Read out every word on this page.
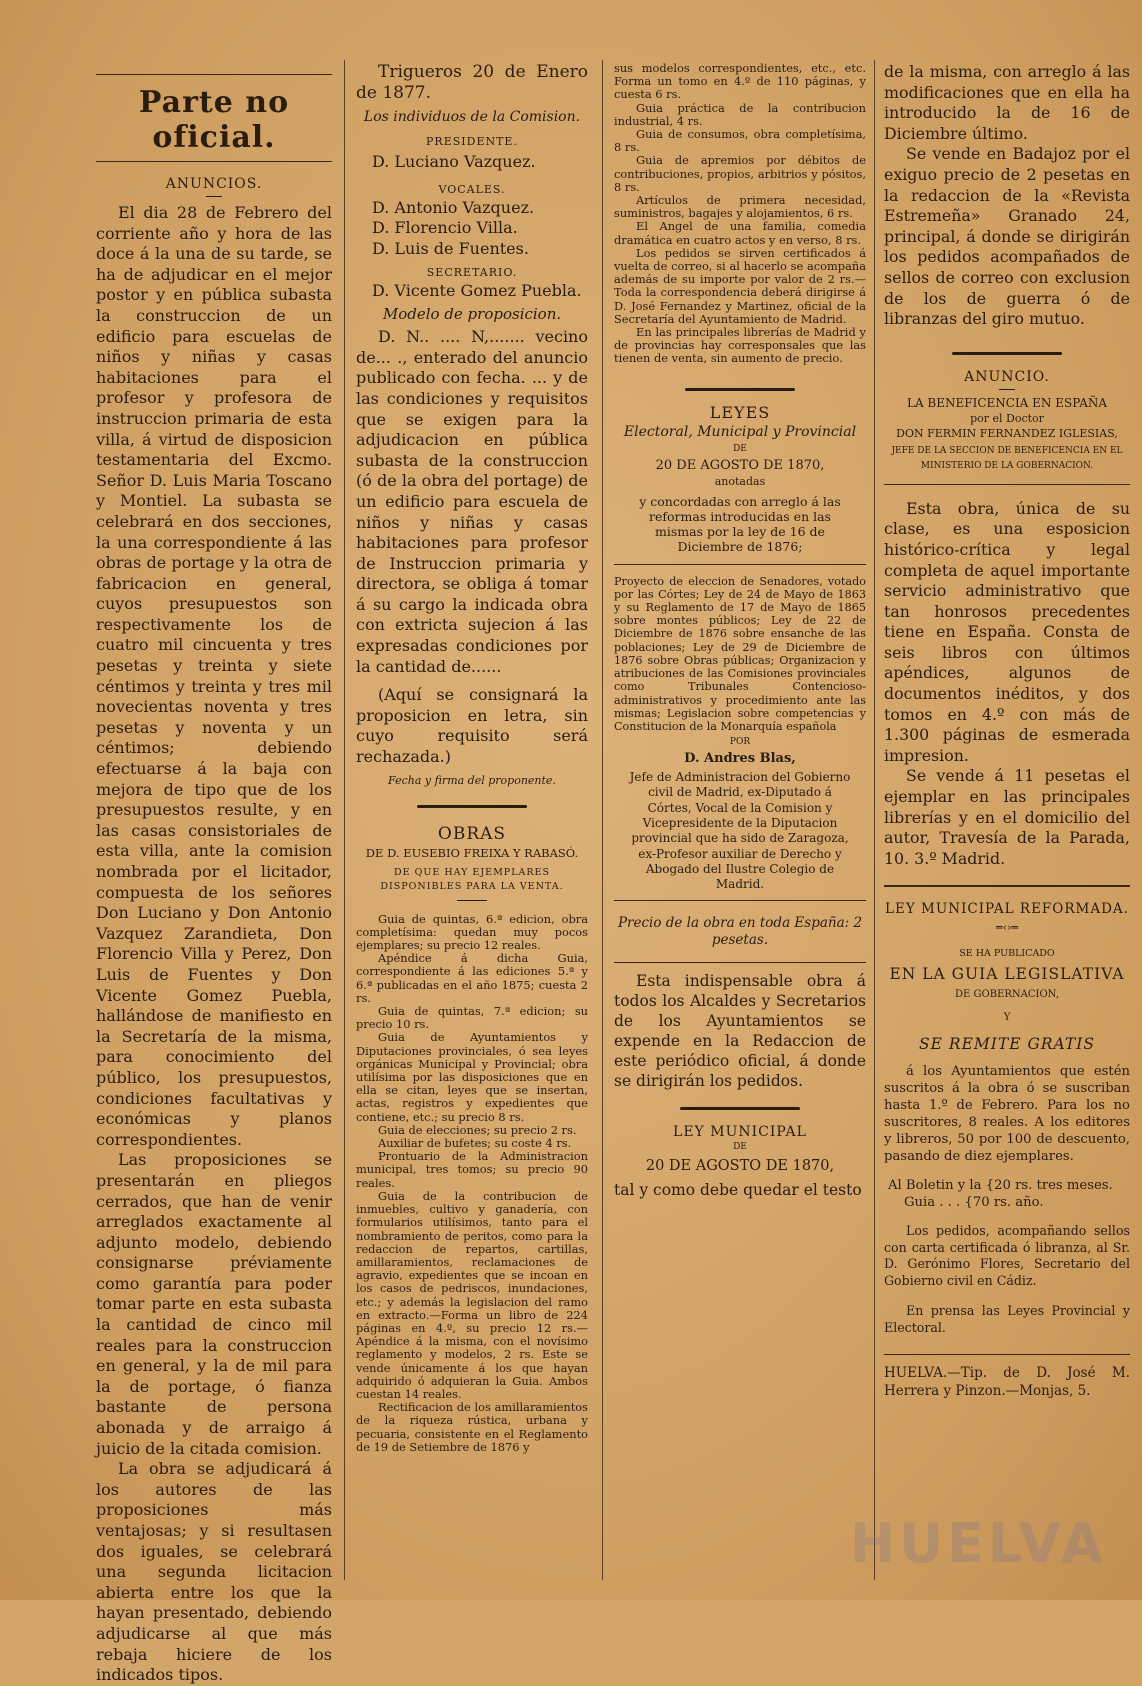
Parte no oficial.
ANUNCIOS.

El dia 28 de Febrero del corriente año y hora de las doce á la una de su tarde, se ha de adjudicar en el mejor postor y en pública subasta la construccion de un edificio para escuelas de niños y niñas y casas habitaciones para el profesor y profesora de instruccion primaria de esta villa, á virtud de disposicion testamentaria del Excmo. Señor D. Luis Maria Toscano y Montiel. La subasta se celebrará en dos secciones, la una correspondiente á las obras de portage y la otra de fabricacion en general, cuyos presupuestos son respectivamente los de cuatro mil cincuenta y tres pesetas y treinta y siete céntimos y treinta y tres mil novecientas noventa y tres pesetas y noventa y un céntimos; debiendo efectuarse á la baja con mejora de tipo que de los presupuestos resulte, y en las casas consistoriales de esta villa, ante la comision nombrada por el licitador, compuesta de los señores Don Luciano y Don Antonio Vazquez Zarandieta, Don Florencio Villa y Perez, Don Luis de Fuentes y Don Vicente Gomez Puebla, hallándose de manifiesto en la Secretaría de la misma, para conocimiento del público, los presupuestos, condiciones facultativas y económicas y planos correspondientes.

Las proposiciones se presentarán en pliegos cerrados, que han de venir arreglados exactamente al adjunto modelo, debiendo consignarse préviamente como garantía para poder tomar parte en esta subasta la cantidad de cinco mil reales para la construccion en general, y la de mil para la de portage, ó fianza bastante de persona abonada y de arraigo á juicio de la citada comision.

La obra se adjudicará á los autores de las proposiciones más ventajosas; y si resultasen dos iguales, se celebrará una segunda licitacion abierta entre los que la hayan presentado, debiendo adjudicarse al que más rebaja hiciere de los indicados tipos.

Trigueros 20 de Enero de 1877.

Los individuos de la Comision.

PRESIDENTE.

D. Luciano Vazquez.

VOCALES.

D. Antonio Vazquez.

D. Florencio Villa.

D. Luis de Fuentes.

SECRETARIO.

D. Vicente Gomez Puebla.

Modelo de proposicion.

D. N.. .... N,....... vecino de... ., enterado del anuncio publicado con fecha. ... y de las condiciones y requisitos que se exigen para la adjudicacion en pública subasta de la construccion (ó de la obra del portage) de un edificio para escuela de niños y niñas y casas habitaciones para profesor de Instruccion primaria y directora, se obliga á tomar á su cargo la indicada obra con extricta sujecion á las expresadas condiciones por la cantidad de......

(Aquí se consignará la proposicion en letra, sin cuyo requisito será rechazada.)

Fecha y firma del proponente.

OBRAS

DE D. EUSEBIO FREIXA Y RABASÓ.

DE QUE HAY EJEMPLARES DISPONIBLES PARA LA VENTA.

Guia de quintas, 6.ª edicion, obra completísima: quedan muy pocos ejemplares; su precio 12 reales.

Apéndice á dicha Guia, correspondiente á las ediciones 5.ª y 6.ª publicadas en el año 1875; cuesta 2 rs.

Guia de quintas, 7.ª edicion; su precio 10 rs.

Guia de Ayuntamientos y Diputaciones provinciales, ó sea leyes orgánicas Municipal y Provincial; obra utilísima por las disposiciones que en ella se citan, leyes que se insertan, actas, registros y expedientes que contiene, etc.; su precio 8 rs.

Guia de elecciones; su precio 2 rs.

Auxiliar de bufetes; su coste 4 rs.

Prontuario de la Administracion municipal, tres tomos; su precio 90 reales.

Guia de la contribucion de inmuebles, cultivo y ganadería, con formularios utilísimos, tanto para el nombramiento de peritos, como para la redaccion de repartos, cartillas, amillaramientos, reclamaciones de agravio, expedientes que se incoan en los casos de pedriscos, inundaciones, etc.; y además la legislacion del ramo en extracto.—Forma un libro de 224 páginas en 4.º, su precio 12 rs.—Apéndice á la misma, con el novísimo reglamento y modelos, 2 rs. Este se vende únicamente á los que hayan adquirido ó adquieran la Guia. Ambos cuestan 14 reales.

Rectificacion de los amillaramientos de la riqueza rústica, urbana y pecuaria, consistente en el Reglamento de 19 de Setiembre de 1876 y

sus modelos correspondientes, etc., etc. Forma un tomo en 4.º de 110 páginas, y cuesta 6 rs.

Guia práctica de la contribucion industrial, 4 rs.

Guia de consumos, obra completísima, 8 rs.

Guia de apremios por débitos de contribuciones, propios, arbitrios y pósitos, 8 rs.

Artículos de primera necesidad, suministros, bagajes y alojamientos, 6 rs.

El Angel de una familia, comedia dramática en cuatro actos y en verso, 8 rs.

Los pedidos se sirven certificados á vuelta de correo, si al hacerlo se acompaña además de su importe por valor de 2 rs.—Toda la correspondencia deberá dirigirse á D. José Fernandez y Martinez, oficial de la Secretaría del Ayuntamiento de Madrid.

En las principales librerías de Madrid y de provincias hay corresponsales que las tienen de venta, sin aumento de precio.

LEYES

Electoral, Municipal y Provincial

DE

20 DE AGOSTO DE 1870,

anotadas

y concordadas con arreglo á las reformas introducidas en las mismas por la ley de 16 de Diciembre de 1876;

Proyecto de eleccion de Senadores, votado por las Córtes; Ley de 24 de Mayo de 1863 y su Reglamento de 17 de Mayo de 1865 sobre montes públicos; Ley de 22 de Diciembre de 1876 sobre ensanche de las poblaciones; Ley de 29 de Diciembre de 1876 sobre Obras públicas; Organizacion y atribuciones de las Comisiones provinciales como Tribunales Contencioso-administrativos y procedimiento ante las mismas; Legislacion sobre competencias y Constitucion de la Monarquía española

POR

D. Andres Blas,

Jefe de Administracion del Gobierno civil de Madrid, ex-Diputado á Córtes, Vocal de la Comision y Vicepresidente de la Diputacion provincial que ha sido de Zaragoza, ex-Profesor auxiliar de Derecho y Abogado del Ilustre Colegio de Madrid.

Precio de la obra en toda España: 2 pesetas.

Esta indispensable obra á todos los Alcaldes y Secretarios de los Ayuntamientos se expende en la Redaccion de este periódico oficial, á donde se dirigirán los pedidos.

LEY MUNICIPAL

DE

20 DE AGOSTO DE 1870,

tal y como debe quedar el testo

de la misma, con arreglo á las modificaciones que en ella ha introducido la de 16 de Diciembre último.

Se vende en Badajoz por el exiguo precio de 2 pesetas en la redaccion de la «Revista Estremeña» Granado 24, principal, á donde se dirigirán los pedidos acompañados de sellos de correo con exclusion de los de guerra ó de libranzas del giro mutuo.

ANUNCIO.

LA BENEFICENCIA EN ESPAÑA

por el Doctor

DON FERMIN FERNANDEZ IGLESIAS,

JEFE DE LA SECCION DE BENEFICENCIA EN EL MINISTERIO DE LA GOBERNACION.

Esta obra, única de su clase, es una esposicion histórico-crítica y legal completa de aquel importante servicio administrativo que tan honrosos precedentes tiene en España. Consta de seis libros con últimos apéndices, algunos de documentos inéditos, y dos tomos en 4.º con más de 1.300 páginas de esmerada impresion.

Se vende á 11 pesetas el ejemplar en las principales librerías y en el domicilio del autor, Travesía de la Parada, 10. 3.º Madrid.

LEY MUNICIPAL REFORMADA.

═‹›═

SE HA PUBLICADO

EN LA GUIA LEGISLATIVA

DE GOBERNACION,

Y

SE REMITE GRATIS

á los Ayuntamientos que estén suscritos á la obra ó se suscriban hasta 1.º de Febrero. Para los no suscritores, 8 reales. A los editores y libreros, 50 por 100 de descuento, pasando de diez ejemplares.

Al Boletin y la {20 rs. tres meses.

Guia . . . {70 rs. año.

Los pedidos, acompañando sellos con carta certificada ó libranza, al Sr. D. Gerónimo Flores, Secretario del Gobierno civil en Cádiz.

En prensa las Leyes Provincial y Electoral.

HUELVA.—Tip. de D. José M. Herrera y Pinzon.—Monjas, 5.

HUELVA
